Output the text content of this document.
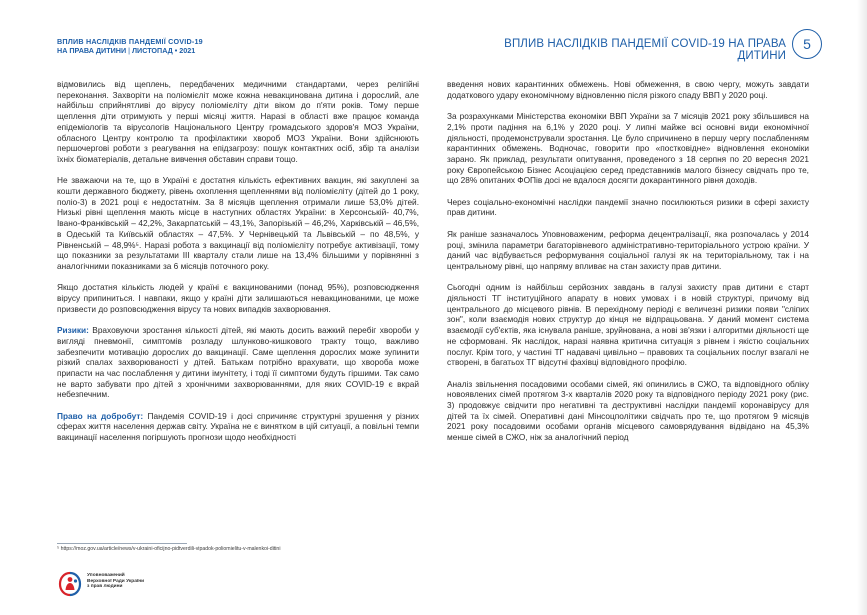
ВПЛИВ НАСЛІДКІВ ПАНДЕМІЇ COVID-19
НА ПРАВА ДИТИНИ | ЛИСТОПАД • 2021
ВПЛИВ НАСЛІДКІВ ПАНДЕМІЇ COVID-19 НА ПРАВА ДИТИНИ
5

відмовились від щеплень, передбачених медичними стандартами, через релігійні переконання. Захворіти на поліомієліт може кожна невакцинована дитина і дорослий, але найбільш сприйнятливі до вірусу поліомієліту діти віком до п'яти років. Тому перше щеплення діти отримують у перші місяці життя. Наразі в області вже працює команда епідеміологів та вірусологів Національного Центру громадського здоров'я МОЗ України, обласного Центру контролю та профілактики хвороб МОЗ України. Вони здійснюють першочергові роботи з реагування на епідзагрозу: пошук контактних осіб, збір та аналізи їхніх біоматеріалів, детальне вивчення обставин справи тощо.

Не зважаючи на те, що в Україні є достатня кількість ефективних вакцин, які закуплені за кошти державного бюджету, рівень охоплення щепленнями від поліомієліту (дітей до 1 року, поліо-3) в 2021 році є недостатнім. За 8 місяців щеплення отримали лише 53,0% дітей. Низькі рівні щеплення мають місце в наступних областях України: в Херсонській- 40,7%, Івано-Франківській – 42,2%, Закарпатській – 43,1%, Запорізькій – 46,2%, Харківській – 46,5%, в Одеській та Київській областях – 47,5%. У Чернівецькій та Львівській – по 48,5%, у Рівненській – 48,9%⁵. Наразі робота з вакцинації від поліомієліту потребує активізації, тому що показники за результатами III кварталу стали лише на 13,4% більшими у порівнянні з аналогічними показниками за 6 місяців поточного року.

Якщо достатня кількість людей у країні є вакцинованими (понад 95%), розповсюдження вірусу припиниться. І навпаки, якщо у країні діти залишаються невакцинованими, це може призвести до розповсюдження вірусу та нових випадків захворювання.

Ризики: Враховуючи зростання кількості дітей, які мають досить важкий перебіг хвороби у вигляді пневмонії, симптомів розладу шлунково-кишкового тракту тощо, важливо забезпечити мотивацію дорослих до вакцинації. Саме щеплення дорослих може зупинити різкий спалах захворюваності у дітей. Батькам потрібно врахувати, що хвороба може припасти на час послаблення у дитини імунітету, і тоді її симптоми будуть гіршими. Так само не варто забувати про дітей з хронічними захворюваннями, для яких COVID-19 є вкрай небезпечним.

Право на добробут: Пандемія COVID-19 і досі спричиняє структурні зрушення у різних сферах життя населення держав світу. Україна не є винятком в цій ситуації, а повільні темпи вакцинації населення погіршують прогнози щодо необхідності

введення нових карантинних обмежень. Нові обмеження, в свою чергу, можуть завдати додаткового удару економічному відновленню після різкого спаду ВВП у 2020 році.

За розрахунками Міністерства економіки ВВП України за 7 місяців 2021 року збільшився на 2,1% проти падіння на 6,1% у 2020 році. У липні майже всі основні види економічної діяльності, продемонстрували зростання. Це було спричинено в першу чергу послабленням карантинних обмежень. Водночас, говорити про «постковідне» відновлення економіки зарано. Як приклад, результати опитування, проведеного з 18 серпня по 20 вересня 2021 року Європейською Бізнес Асоціацією серед представників малого бізнесу свідчать про те, що 28% опитаних ФОПів досі не вдалося досягти докарантинного рівня доходів.

Через соціально-економічні наслідки пандемії значно посилюються ризики в сфері захисту прав дитини.

Як раніше зазначалось Уповноваженим, реформа децентралізації, яка розпочалась у 2014 році, змінила параметри багаторівневого адміністративно-територіального устрою країни. У даний час відбувається реформування соціальної галузі як на територіальному, так і на центральному рівні, що напряму впливає на стан захисту прав дитини.

Сьогодні одним із найбільш серйозних завдань в галузі захисту прав дитини є старт діяльності ТГ інституційного апарату в нових умовах і в новій структурі, причому від центрального до місцевого рівнів. В перехідному періоді є величезні ризики появи "сліпих зон", коли взаємодія нових структур до кінця не відпрацьована. У даний момент система взаємодії суб'єктів, яка існувала раніше, зруйнована, а нові зв'язки і алгоритми діяльності ще не сформовані. Як наслідок, наразі наявна критична ситуація з рівнем і якістю соціальних послуг. Крім того, у частині ТГ надавачі цивільно – правових та соціальних послуг взагалі не створені, в багатьох ТГ відсутні фахівці відповідного профілю.

Аналіз звільнення посадовими особами сімей, які опинились в СЖО, та відповідного обліку новоявлених сімей протягом 3-х кварталів 2020 року та відповідного періоду 2021 року (рис. 3) продовжує свідчити про негативні та деструктивні наслідки пандемії коронавірусу для дітей та їх сімей. Оперативні дані Мінсоцполітики свідчать про те, що протягом 9 місяців 2021 року посадовими особами органів місцевого самоврядування відвідано на 45,3% менше сімей в СЖО, ніж за аналогічний період

⁵ https://moz.gov.ua/article/news/v-ukraini-oficijno-pidtverdili-vipadok-poliomielitu-v-malenkoi-ditini
Уповноважений
Верховної Ради України
з прав людини
